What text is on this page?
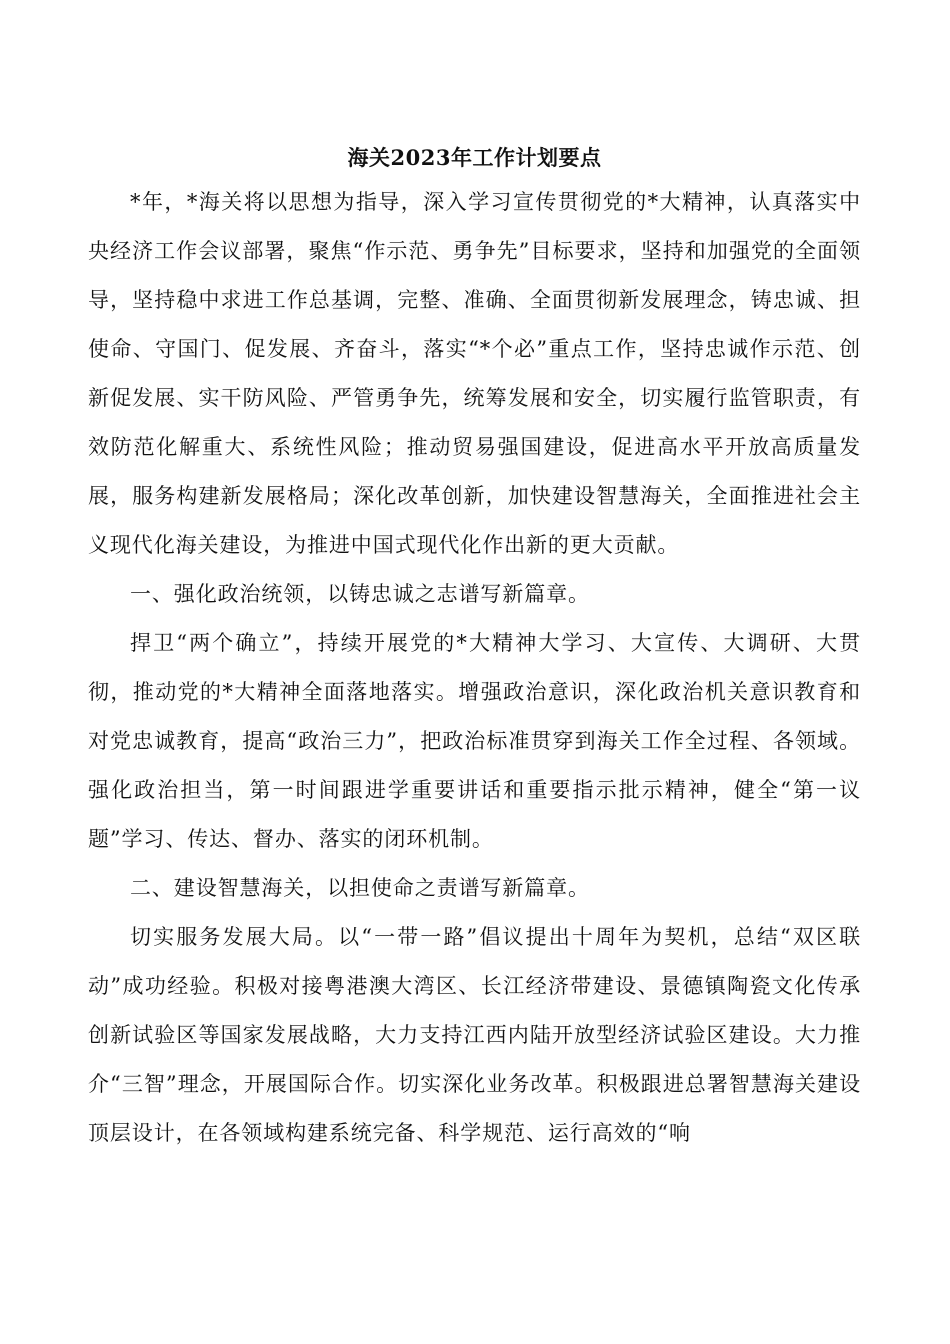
海关2023年工作计划要点

*年，*海关将以思想为指导，深入学习宣传贯彻党的*大精神，认真落实中央经济工作会议部署，聚焦“作示范、勇争先”目标要求，坚持和加强党的全面领导，坚持稳中求进工作总基调，完整、准确、全面贯彻新发展理念，铸忠诚、担使命、守国门、促发展、齐奋斗，落实“*个必”重点工作，坚持忠诚作示范、创新促发展、实干防风险、严管勇争先，统筹发展和安全，切实履行监管职责，有效防范化解重大、系统性风险；推动贸易强国建设，促进高水平开放高质量发展，服务构建新发展格局；深化改革创新，加快建设智慧海关，全面推进社会主义现代化海关建设，为推进中国式现代化作出新的更大贡献。

一、强化政治统领，以铸忠诚之志谱写新篇章。

捍卫“两个确立”，持续开展党的*大精神大学习、大宣传、大调研、大贯彻，推动党的*大精神全面落地落实。增强政治意识，深化政治机关意识教育和对党忠诚教育，提高“政治三力”，把政治标准贯穿到海关工作全过程、各领域。强化政治担当，第一时间跟进学重要讲话和重要指示批示精神，健全“第一议题”学习、传达、督办、落实的闭环机制。

二、建设智慧海关，以担使命之责谱写新篇章。

切实服务发展大局。以“一带一路”倡议提出十周年为契机，总结“双区联动”成功经验。积极对接粤港澳大湾区、长江经济带建设、景德镇陶瓷文化传承创新试验区等国家发展战略，大力支持江西内陆开放型经济试验区建设。大力推介“三智”理念，开展国际合作。切实深化业务改革。积极跟进总署智慧海关建设顶层设计，在各领域构建系统完备、科学规范、运行高效的“响
